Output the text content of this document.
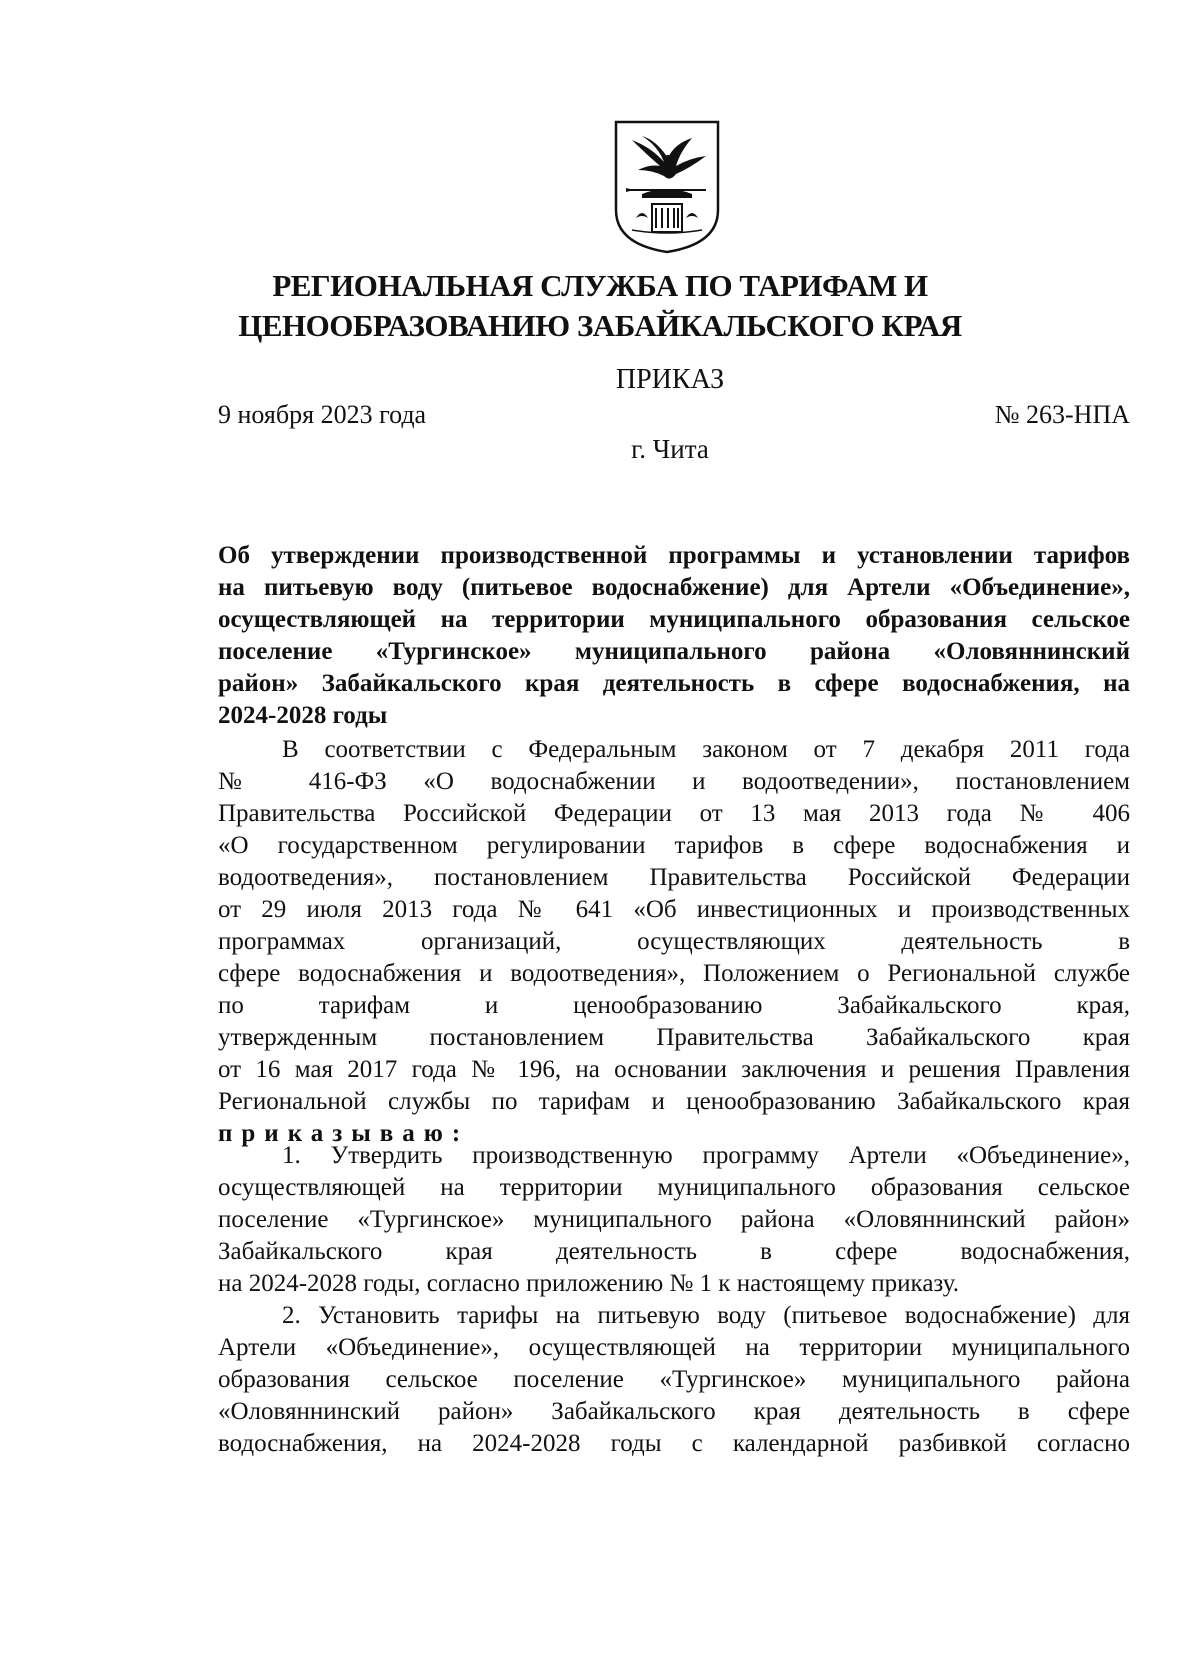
РЕГИОНАЛЬНАЯ СЛУЖБА ПО ТАРИФАМ И
ЦЕНООБРАЗОВАНИЮ ЗАБАЙКАЛЬСКОГО КРАЯ
ПРИКАЗ
9 ноября 2023 года	№ 263-НПА
г. Чита
Об утверждении производственной программы и установлении тарифов
на питьевую воду (питьевое водоснабжение) для Артели «Объединение»,
осуществляющей на территории муниципального образования сельское
поселение «Тургинское» муниципального района «Оловяннинский
район» Забайкальского края деятельность в сфере водоснабжения, на
2024-2028 годы
В соответствии с Федеральным законом от 7 декабря 2011 года
№ 416-ФЗ «О водоснабжении и водоотведении», постановлением
Правительства Российской Федерации от 13 мая 2013 года № 406
«О государственном регулировании тарифов в сфере водоснабжения и
водоотведения», постановлением Правительства Российской Федерации
от 29 июля 2013 года № 641 «Об инвестиционных и производственных
программах организаций, осуществляющих деятельность в
сфере водоснабжения и водоотведения», Положением о Региональной службе
по тарифам и ценообразованию Забайкальского края,
утвержденным постановлением Правительства Забайкальского края
от 16 мая 2017 года № 196, на основании заключения и решения Правления
Региональной службы по тарифам и ценообразованию Забайкальского края
приказываю:
1. Утвердить производственную программу Артели «Объединение»,
осуществляющей на территории муниципального образования сельское
поселение «Тургинское» муниципального района «Оловяннинский район»
Забайкальского края деятельность в сфере водоснабжения,
на 2024-2028 годы, согласно приложению № 1 к настоящему приказу.
2. Установить тарифы на питьевую воду (питьевое водоснабжение) для
Артели «Объединение», осуществляющей на территории муниципального
образования сельское поселение «Тургинское» муниципального района
«Оловяннинский район» Забайкальского края деятельность в сфере
водоснабжения, на 2024-2028 годы с календарной разбивкой согласно
